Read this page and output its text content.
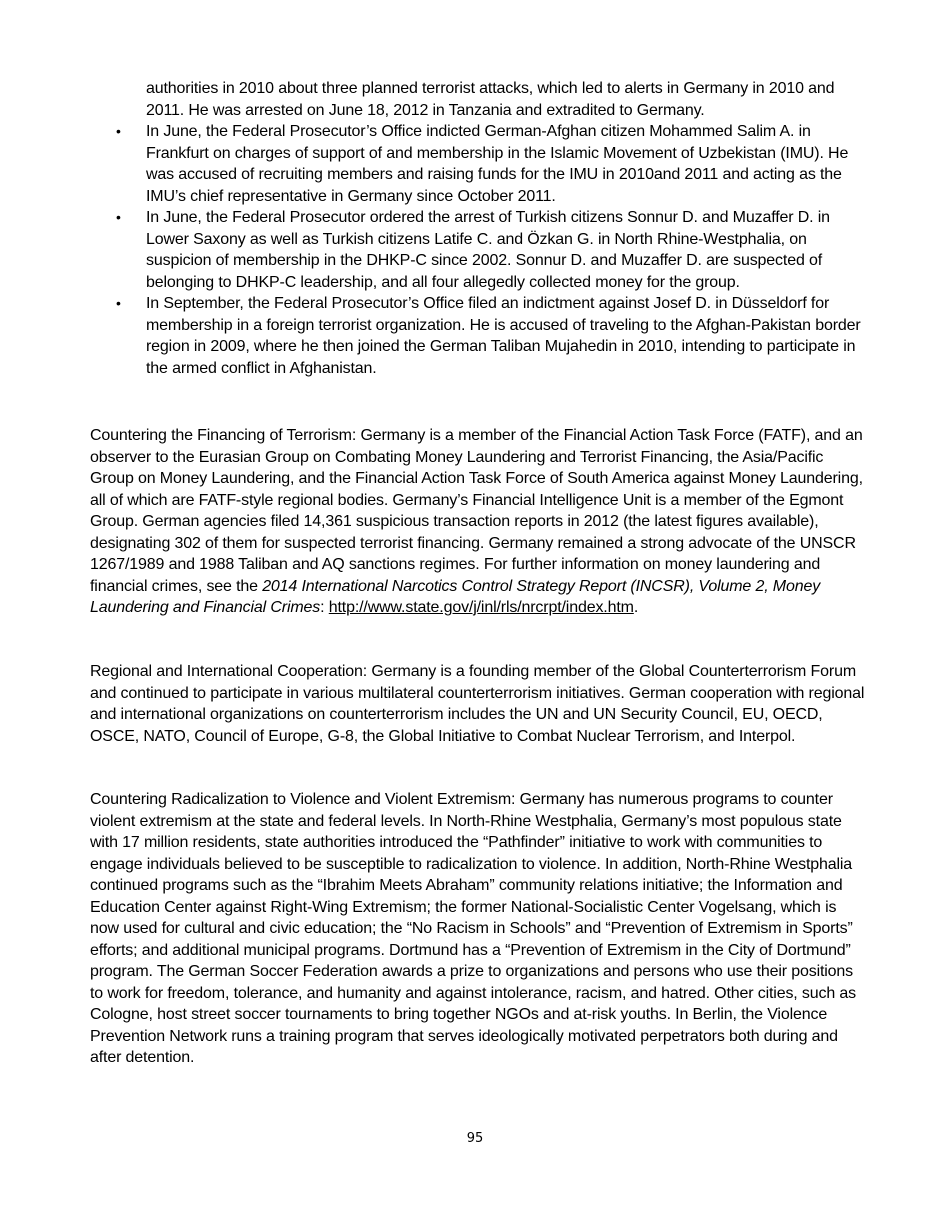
authorities in 2010 about three planned terrorist attacks, which led to alerts in Germany in 2010 and 2011. He was arrested on June 18, 2012 in Tanzania and extradited to Germany.
• In June, the Federal Prosecutor’s Office indicted German-Afghan citizen Mohammed Salim A. in Frankfurt on charges of support of and membership in the Islamic Movement of Uzbekistan (IMU). He was accused of recruiting members and raising funds for the IMU in 2010and 2011 and acting as the IMU’s chief representative in Germany since October 2011.
• In June, the Federal Prosecutor ordered the arrest of Turkish citizens Sonnur D. and Muzaffer D. in Lower Saxony as well as Turkish citizens Latife C. and Özkan G. in North Rhine-Westphalia, on suspicion of membership in the DHKP-C since 2002. Sonnur D. and Muzaffer D. are suspected of belonging to DHKP-C leadership, and all four allegedly collected money for the group.
• In September, the Federal Prosecutor’s Office filed an indictment against Josef D. in Düsseldorf for membership in a foreign terrorist organization. He is accused of traveling to the Afghan-Pakistan border region in 2009, where he then joined the German Taliban Mujahedin in 2010, intending to participate in the armed conflict in Afghanistan.

Countering the Financing of Terrorism: Germany is a member of the Financial Action Task Force (FATF), and an observer to the Eurasian Group on Combating Money Laundering and Terrorist Financing, the Asia/Pacific Group on Money Laundering, and the Financial Action Task Force of South America against Money Laundering, all of which are FATF-style regional bodies. Germany’s Financial Intelligence Unit is a member of the Egmont Group. German agencies filed 14,361 suspicious transaction reports in 2012 (the latest figures available), designating 302 of them for suspected terrorist financing. Germany remained a strong advocate of the UNSCR 1267/1989 and 1988 Taliban and AQ sanctions regimes. For further information on money laundering and financial crimes, see the 2014 International Narcotics Control Strategy Report (INCSR), Volume 2, Money Laundering and Financial Crimes: http://www.state.gov/j/inl/rls/nrcrpt/index.htm.

Regional and International Cooperation: Germany is a founding member of the Global Counterterrorism Forum and continued to participate in various multilateral counterterrorism initiatives. German cooperation with regional and international organizations on counterterrorism includes the UN and UN Security Council, EU, OECD, OSCE, NATO, Council of Europe, G-8, the Global Initiative to Combat Nuclear Terrorism, and Interpol.

Countering Radicalization to Violence and Violent Extremism: Germany has numerous programs to counter violent extremism at the state and federal levels. In North-Rhine Westphalia, Germany’s most populous state with 17 million residents, state authorities introduced the “Pathfinder” initiative to work with communities to engage individuals believed to be susceptible to radicalization to violence. In addition, North-Rhine Westphalia continued programs such as the “Ibrahim Meets Abraham” community relations initiative; the Information and Education Center against Right-Wing Extremism; the former National-Socialistic Center Vogelsang, which is now used for cultural and civic education; the “No Racism in Schools” and “Prevention of Extremism in Sports” efforts; and additional municipal programs. Dortmund has a “Prevention of Extremism in the City of Dortmund” program. The German Soccer Federation awards a prize to organizations and persons who use their positions to work for freedom, tolerance, and humanity and against intolerance, racism, and hatred. Other cities, such as Cologne, host street soccer tournaments to bring together NGOs and at-risk youths. In Berlin, the Violence Prevention Network runs a training program that serves ideologically motivated perpetrators both during and after detention.

95
